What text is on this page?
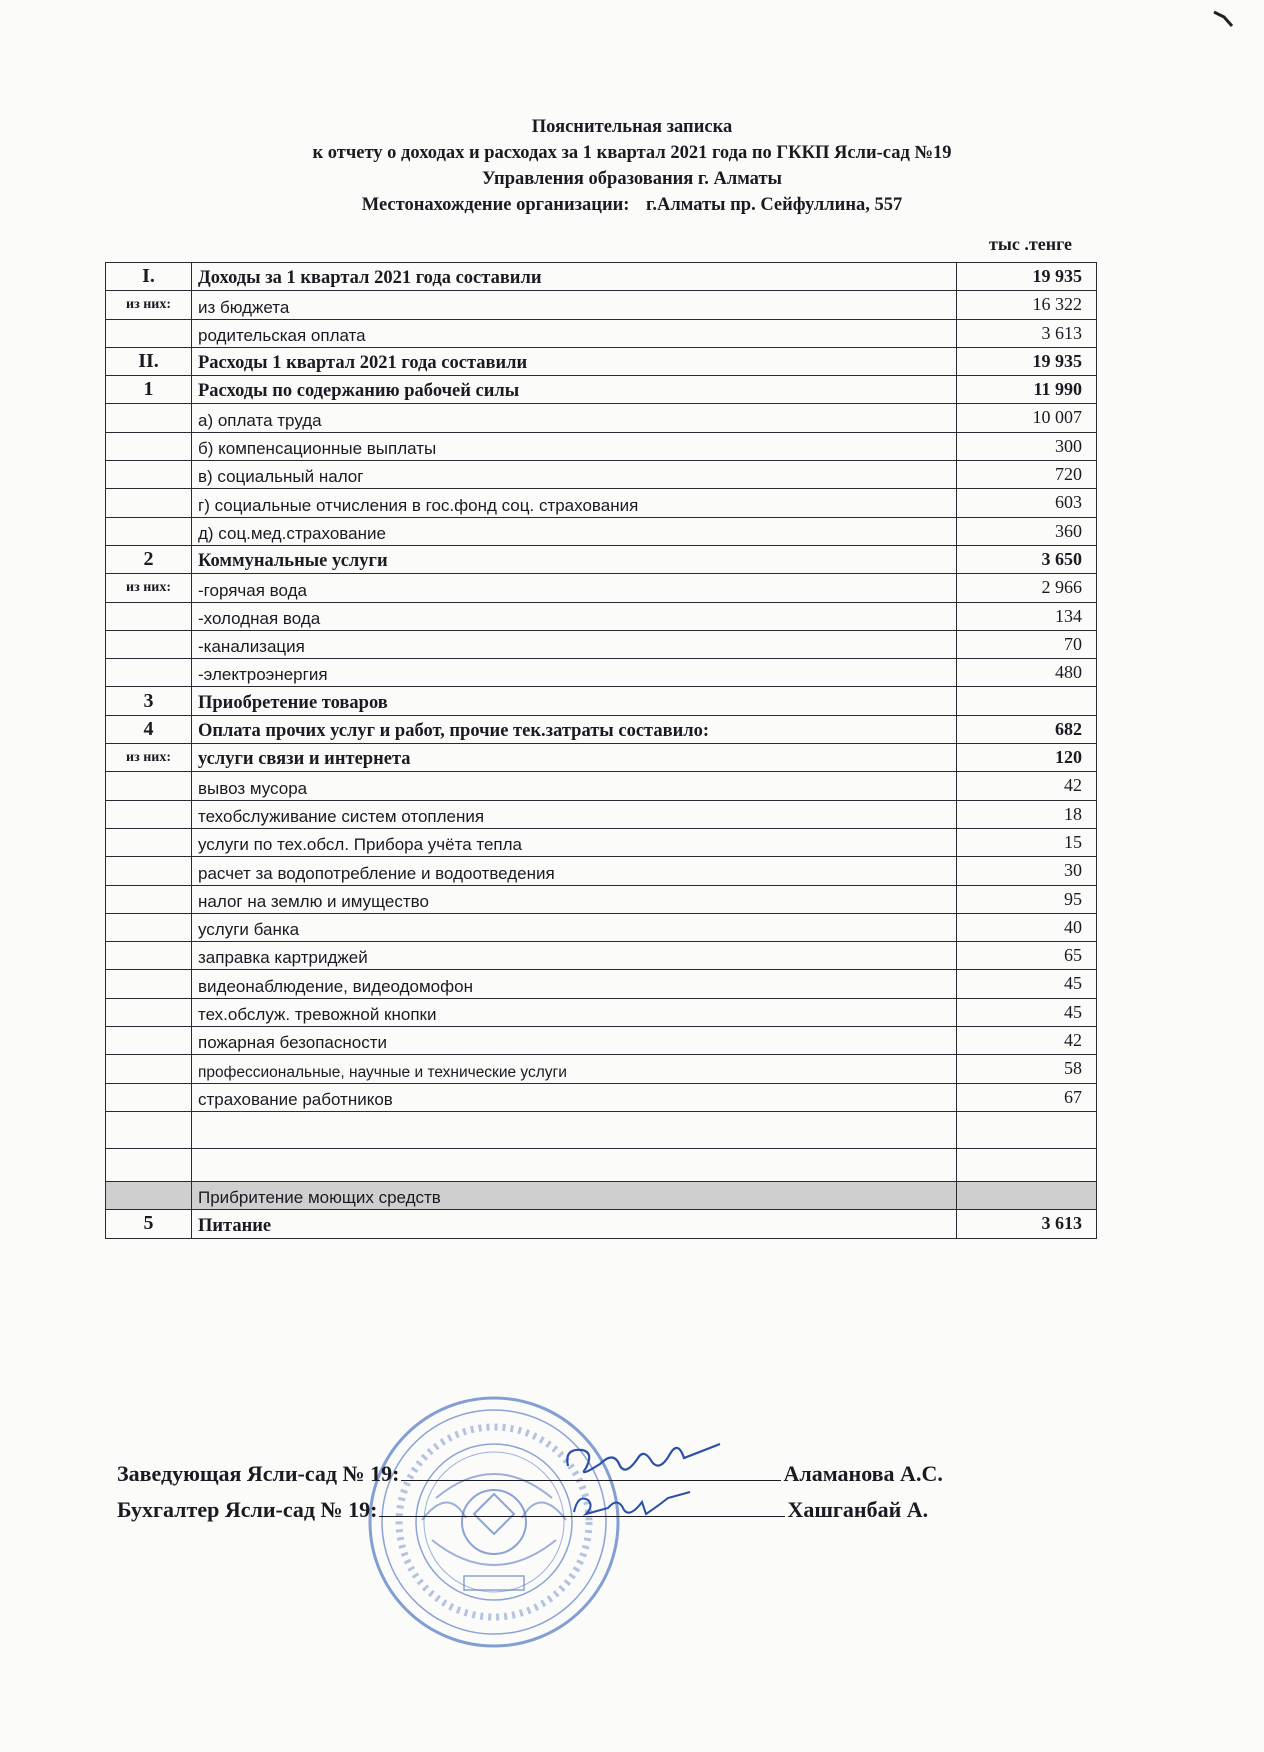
Пояснительная записка
к отчету о доходах и расходах за 1 квартал 2021 года по ГККП Ясли-сад №19
Управления образования г. Алматы
Местонахождение организации: г.Алматы пр. Сейфуллина, 557
тыс .тенге
I.	Доходы за 1 квартал 2021 года составили	19 935
из них:	из бюджета	16 322
	родительская оплата	3 613
II.	Расходы 1 квартал 2021 года составили	19 935
1	Расходы по содержанию рабочей силы	11 990
	а) оплата труда	10 007
	б) компенсационные выплаты	300
	в) социальный налог	720
	г) социальные отчисления в гос.фонд соц. страхования	603
	д) соц.мед.страхование	360
2	Коммунальные услуги	3 650
из них:	-горячая вода	2 966
	-холодная вода	134
	-канализация	70
	-электроэнергия	480
3	Приобретение товаров	
4	Оплата прочих услуг и работ, прочие тек.затраты составило:	682
из них:	услуги связи и интернета	120
	вывоз мусора	42
	техобслуживание систем отопления	18
	услуги по тех.обсл. Прибора учёта тепла	15
	расчет за водопотребление и водоотведения	30
	налог на землю и имущество	95
	услуги банка	40
	заправка картриджей	65
	видеонаблюдение, видеодомофон	45
	тех.обслуж. тревожной кнопки	45
	пожарная безопасности	42
	профессиональные, научные и технические услуги	58
	страхование работников	67

	Прибритение моющих средств	
5	Питание	3 613
Заведующая Ясли-сад № 19:	Аламанова А.С.
Бухгалтер Ясли-сад № 19:	Хашганбай А.
